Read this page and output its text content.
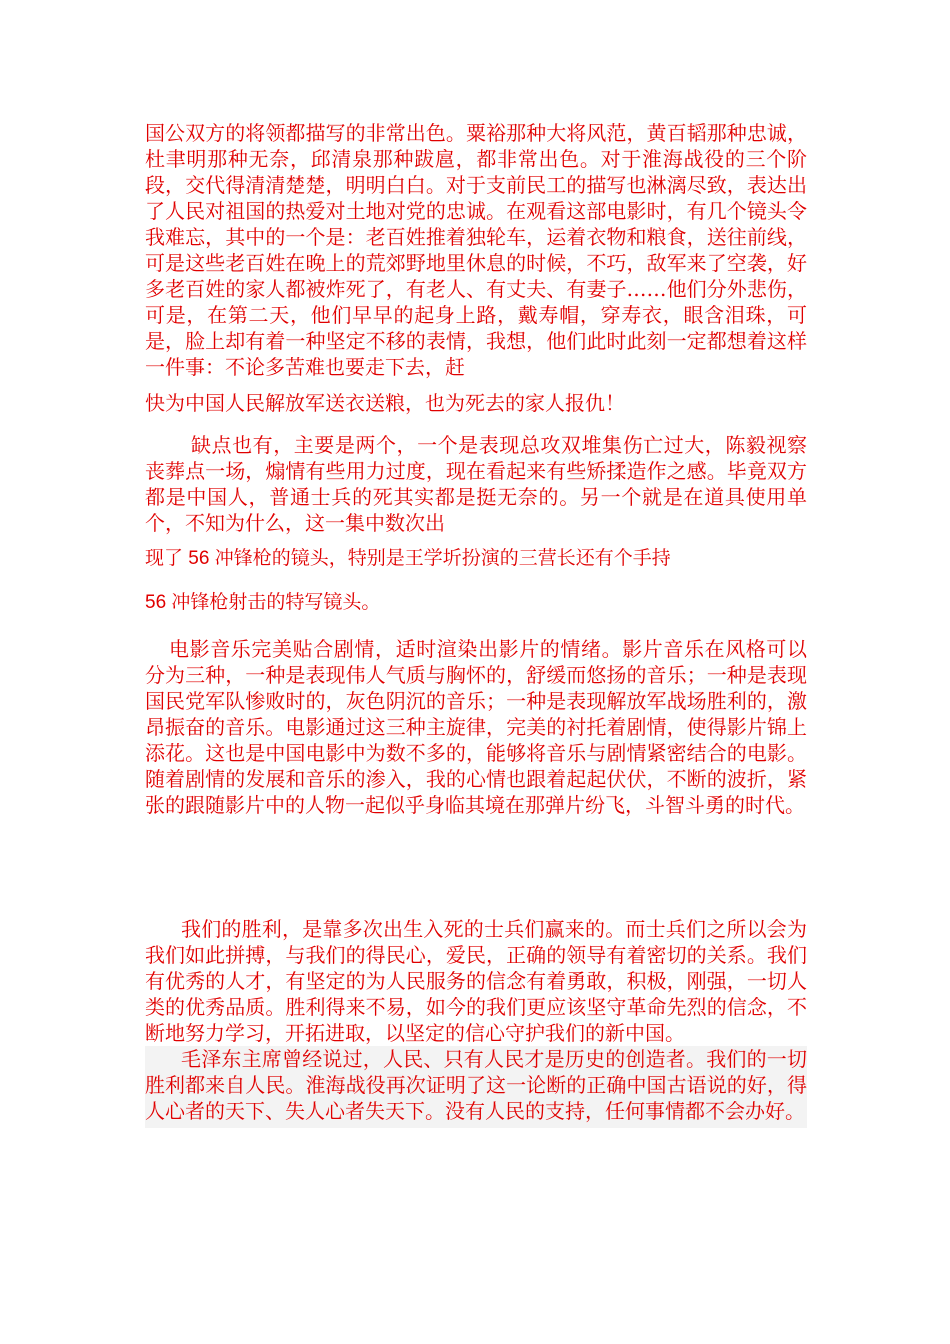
国公双方的将领都描写的非常出色。粟裕那种大将风范，黄百韬那种忠诚，杜聿明那种无奈，邱清泉那种跋扈，都非常出色。对于淮海战役的三个阶段，交代得清清楚楚，明明白白。对于支前民工的描写也淋漓尽致，表达出了人民对祖国的热爱对土地对党的忠诚。在观看这部电影时，有几个镜头令我难忘，其中的一个是：老百姓推着独轮车，运着衣物和粮食，送往前线，可是这些老百姓在晚上的荒郊野地里休息的时候，不巧，敌军来了空袭，好多老百姓的家人都被炸死了，有老人、有丈夫、有妻子……他们分外悲伤，可是，在第二天，他们早早的起身上路，戴寿帽，穿寿衣，眼含泪珠，可是，脸上却有着一种坚定不移的表情，我想，他们此时此刻一定都想着这样一件事：不论多苦难也要走下去，赶

快为中国人民解放军送衣送粮，也为死去的家人报仇！

缺点也有，主要是两个，一个是表现总攻双堆集伤亡过大，陈毅视察丧葬点一场，煽情有些用力过度，现在看起来有些矫揉造作之感。毕竟双方都是中国人，普通士兵的死其实都是挺无奈的。另一个就是在道具使用单个，不知为什么，这一集中数次出

现了 56 冲锋枪的镜头，特别是王学圻扮演的三营长还有个手持

56 冲锋枪射击的特写镜头。

电影音乐完美贴合剧情，适时渲染出影片的情绪。影片音乐在风格可以分为三种，一种是表现伟人气质与胸怀的，舒缓而悠扬的音乐；一种是表现国民党军队惨败时的，灰色阴沉的音乐；一种是表现解放军战场胜利的，激昂振奋的音乐。电影通过这三种主旋律，完美的衬托着剧情，使得影片锦上添花。这也是中国电影中为数不多的，能够将音乐与剧情紧密结合的电影。随着剧情的发展和音乐的渗入，我的心情也跟着起起伏伏，不断的波折，紧张的跟随影片中的人物一起似乎身临其境在那弹片纷飞，斗智斗勇的时代。

我们的胜利，是靠多次出生入死的士兵们赢来的。而士兵们之所以会为我们如此拼搏，与我们的得民心，爱民，正确的领导有着密切的关系。我们有优秀的人才，有坚定的为人民服务的信念有着勇敢，积极，刚强，一切人类的优秀品质。胜利得来不易，如今的我们更应该坚守革命先烈的信念，不断地努力学习，开拓进取，以坚定的信心守护我们的新中国。

毛泽东主席曾经说过，人民、只有人民才是历史的创造者。我们的一切胜利都来自人民。淮海战役再次证明了这一论断的正确中国古语说的好，得人心者的天下、失人心者失天下。没有人民的支持，任何事情都不会办好。
